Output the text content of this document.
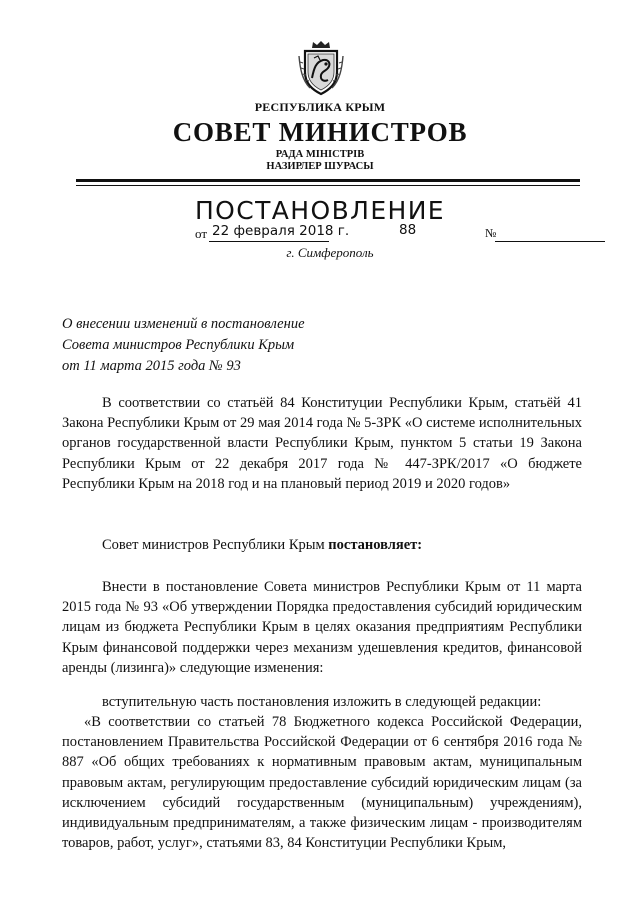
РЕСПУБЛИКА КРЫМ
СОВЕТ МИНИСТРОВ
РАДА МІНІСТРІВ
НАЗИРЛЕР ШУРАСЫ
ПОСТАНОВЛЕНИЕ
от	№
22 февраля 2018 г.	88
г. Симферополь
О внесении изменений в постановление
Совета министров Республики Крым
от 11 марта 2015 года № 93

В соответствии со статьёй 84 Конституции Республики Крым, статьёй 41 Закона Республики Крым от 29 мая 2014 года № 5-ЗРК «О системе исполнительных органов государственной власти Республики Крым, пунктом 5 статьи 19 Закона Республики Крым от 22 декабря 2017 года № 447-ЗРК/2017 «О бюджете Республики Крым на 2018 год и на плановый период 2019 и 2020 годов»

Совет министров Республики Крым постановляет:

Внести в постановление Совета министров Республики Крым от 11 марта 2015 года № 93 «Об утверждении Порядка предоставления субсидий юридическим лицам из бюджета Республики Крым в целях оказания предприятиям Республики Крым финансовой поддержки через механизм удешевления кредитов, финансовой аренды (лизинга)» следующие изменения:

вступительную часть постановления изложить в следующей редакции:

«В соответствии со статьей 78 Бюджетного кодекса Российской Федерации, постановлением Правительства Российской Федерации от 6 сентября 2016 года № 887 «Об общих требованиях к нормативным правовым актам, муниципальным правовым актам, регулирующим предоставление субсидий юридическим лицам (за исключением субсидий государственным (муниципальным) учреждениям), индивидуальным предпринимателям, а также физическим лицам - производителям товаров, работ, услуг», статьями 83, 84 Конституции Республики Крым,
